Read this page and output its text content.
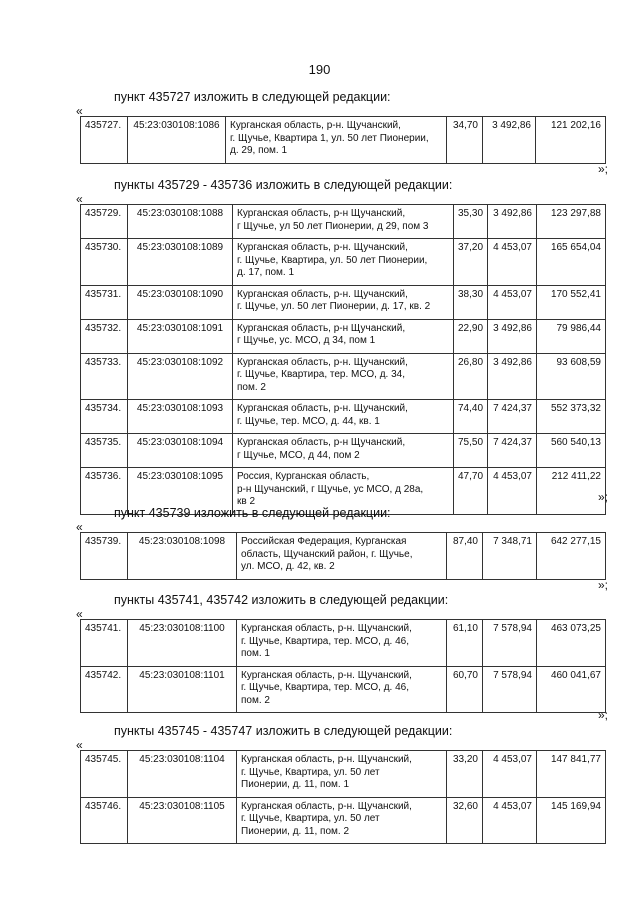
190
пункт 435727 изложить в следующей редакции:
«
435727.	45:23:030108:1086	Курганская область, р-н. Щучанский,
г. Щучье, Квартира 1, ул. 50 лет Пионерии,
д. 29, пом. 1
	34,70	3 492,86	121 202,16
»;
пункты 435729 - 435736 изложить в следующей редакции:
«
435729.	45:23:030108:1088	Курганская область, р-н Щучанский,
г Щучье, ул 50 лет Пионерии, д 29, пом 3	35,30	3 492,86	123 297,88
435730.	45:23:030108:1089	Курганская область, р-н. Щучанский,
г. Щучье, Квартира, ул. 50 лет Пионерии,
д. 17, пом. 1	37,20	4 453,07	165 654,04
435731.	45:23:030108:1090	Курганская область, р-н. Щучанский,
г. Щучье, ул. 50 лет Пионерии, д. 17, кв. 2	38,30	4 453,07	170 552,41
435732.	45:23:030108:1091	Курганская область, р-н Щучанский,
г Щучье, ус. МСО, д 34, пом 1	22,90	3 492,86	79 986,44
435733.	45:23:030108:1092	Курганская область, р-н. Щучанский,
г. Щучье, Квартира, тер. МСО, д. 34,
пом. 2	26,80	3 492,86	93 608,59
435734.	45:23:030108:1093	Курганская область, р-н. Щучанский,
г. Щучье, тер. МСО, д. 44, кв. 1	74,40	7 424,37	552 373,32
435735.	45:23:030108:1094	Курганская область, р-н Щучанский,
г Щучье, МСО, д 44, пом 2	75,50	7 424,37	560 540,13
435736.	45:23:030108:1095	Россия, Курганская область,
р-н Щучанский, г Щучье, ус МСО, д 28а,
кв 2	47,70	4 453,07	212 411,22
»;
пункт 435739 изложить в следующей редакции:
«
435739.	45:23:030108:1098	Российская Федерация, Курганская
область, Щучанский район, г. Щучье,
ул. МСО, д. 42, кв. 2
	87,40	7 348,71	642 277,15
»;
пункты 435741, 435742 изложить в следующей редакции:
«
435741.	45:23:030108:1100	Курганская область, р-н. Щучанский,
г. Щучье, Квартира, тер. МСО, д. 46,
пом. 1	61,10	7 578,94	463 073,25
435742.	45:23:030108:1101	Курганская область, р-н. Щучанский,
г. Щучье, Квартира, тер. МСО, д. 46,
пом. 2	60,70	7 578,94	460 041,67
»;
пункты 435745 - 435747 изложить в следующей редакции:
«
435745.	45:23:030108:1104	Курганская область, р-н. Щучанский,
г. Щучье, Квартира, ул. 50 лет
Пионерии, д. 11, пом. 1	33,20	4 453,07	147 841,77
435746.	45:23:030108:1105	Курганская область, р-н. Щучанский,
г. Щучье, Квартира, ул. 50 лет
Пионерии, д. 11, пом. 2	32,60	4 453,07	145 169,94
